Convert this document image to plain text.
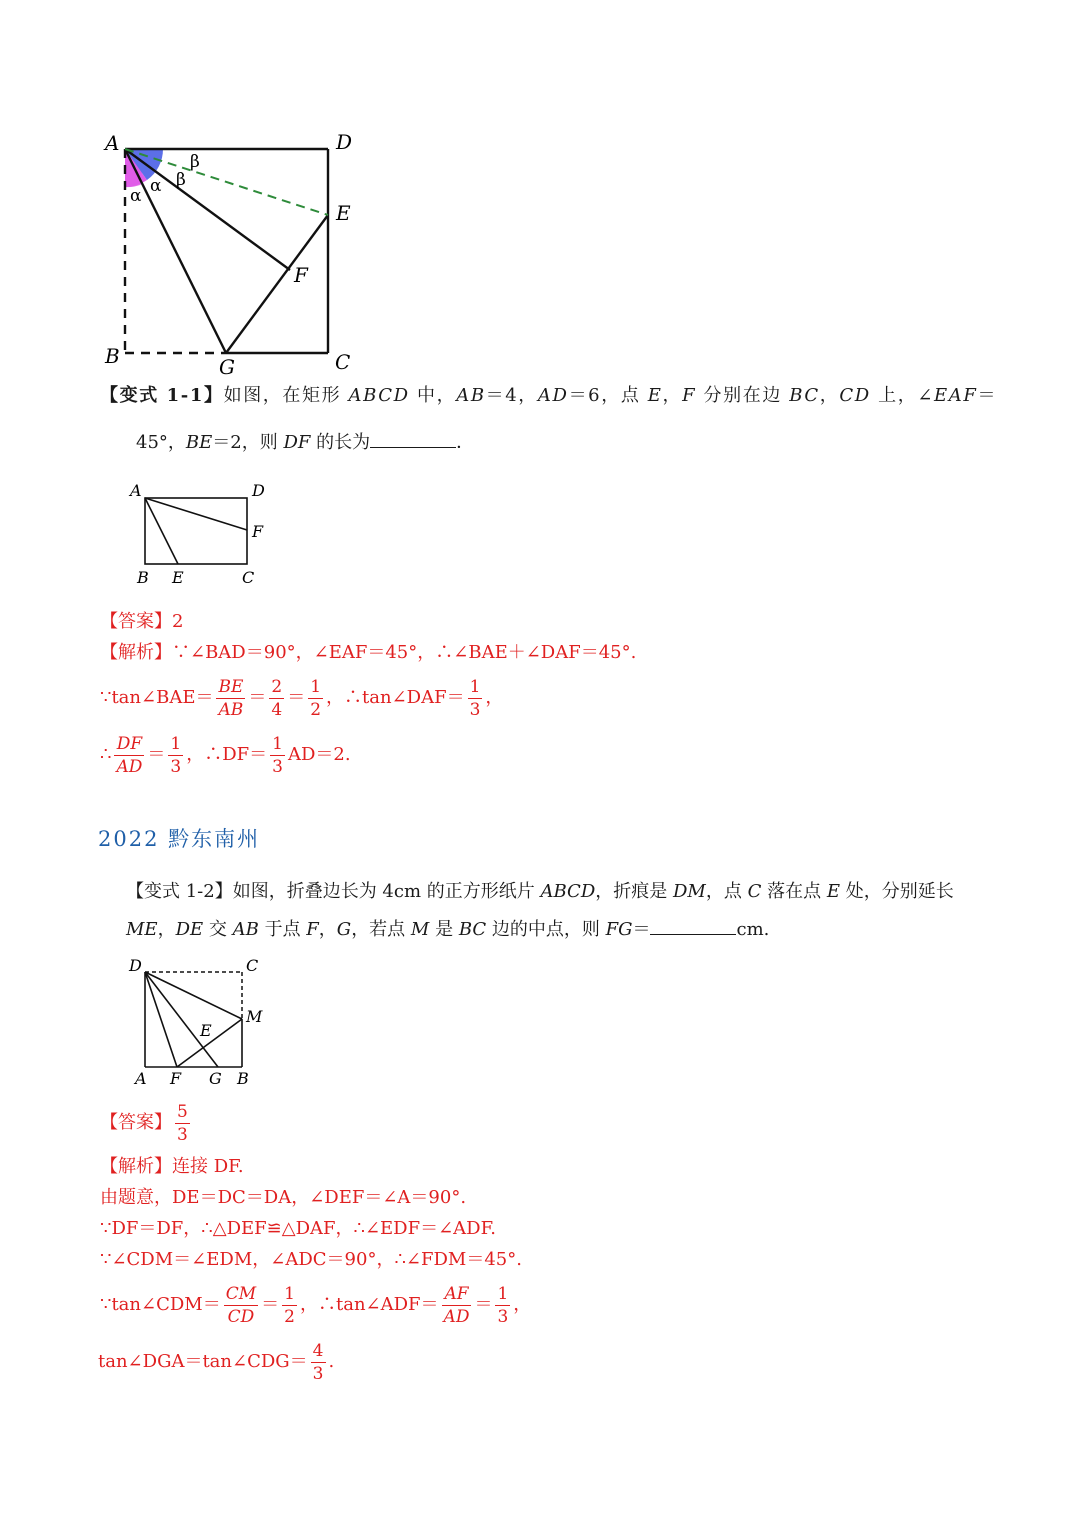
A	D
E
F
B	G	C
α α β
β
【变式 1-1】如图，在矩形 ABCD 中，AB＝4，AD＝6，点 E，F 分别在边 BC，CD 上，∠EAF＝
45°，BE＝2，则 DF 的长为	．
A	D
F
B E	C
【答案】2
【解析】∵∠BAD＝90°，∠EAF＝45°，∴∠BAE＋∠DAF＝45°.
∵tan∠BAE＝ $\frac{BE}{AB} = \frac{2}{4} = \frac{1}{2}$ ，∴tan∠DAF＝ $\frac{1}{3}$ ，
∴ $\frac{DF}{AD} = \frac{1}{3}$ ，∴DF＝ $\frac{1}{3} AD=2$.
2022 黔东南州
【变式 1-2】如图，折叠边长为 4cm 的正方形纸片 ABCD，折痕是 DM，点 C 落在点 E 处，分别延长
ME，DE 交 AB 于点 F，G，若点 M 是 BC 边的中点，则 FG＝	cm.
D	C
M
E
A F G B
【答案】 $\frac{5}{3}$
【解析】连接 DF.
由题意，DE＝DC＝DA，∠DEF＝∠A＝90°.
∵DF＝DF，∴△DEF≌△DAF，∴∠EDF＝∠ADF.
∵∠CDM＝∠EDM，∠ADC＝90°，∴∠FDM＝45°.
∵tan∠CDM＝ $\frac{CM}{CD} = \frac{1}{2}$ ，∴tan∠ADF＝ $\frac{AF}{AD} = \frac{1}{3}$ ，
tan∠DGA＝tan∠CDG＝ $\frac{4}{3}$ .
